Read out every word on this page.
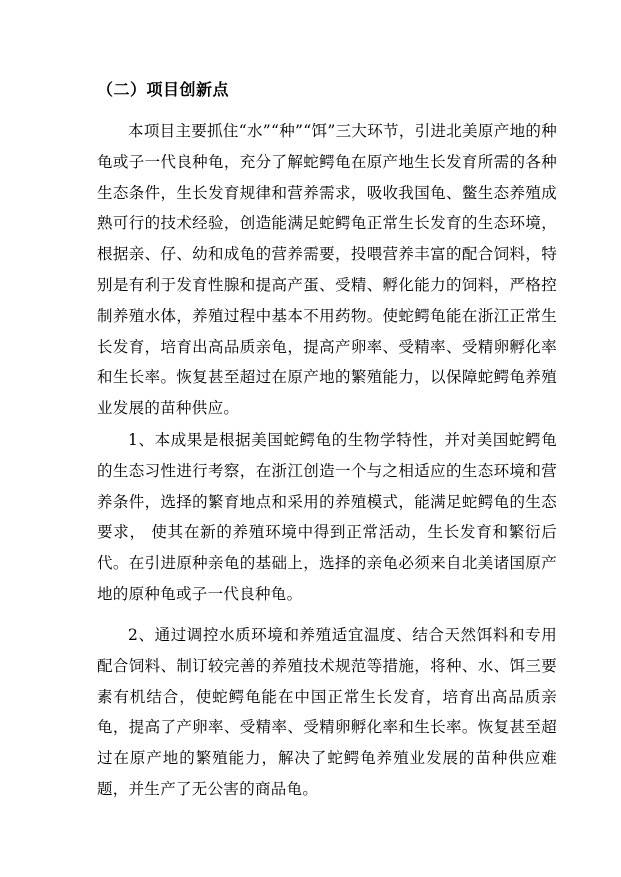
（二）项目创新点

本项目主要抓住“水”“种”“饵”三大环节，引进北美原产地的种龟或子一代良种龟，充分了解蛇鳄龟在原产地生长发育所需的各种生态条件，生长发育规律和营养需求，吸收我国龟、鳖生态养殖成熟可行的技术经验，创造能满足蛇鳄龟正常生长发育的生态环境，根据亲、仔、幼和成龟的营养需要，投喂营养丰富的配合饲料，特别是有利于发育性腺和提高产蛋、受精、孵化能力的饲料，严格控制养殖水体，养殖过程中基本不用药物。使蛇鳄龟能在浙江正常生长发育，培育出高品质亲龟，提高产卵率、受精率、受精卵孵化率和生长率。恢复甚至超过在原产地的繁殖能力，以保障蛇鳄龟养殖业发展的苗种供应。

1、本成果是根据美国蛇鳄龟的生物学特性，并对美国蛇鳄龟的生态习性进行考察，在浙江创造一个与之相适应的生态环境和营养条件，选择的繁育地点和采用的养殖模式，能满足蛇鳄龟的生态要求， 使其在新的养殖环境中得到正常活动，生长发育和繁衍后代。在引进原种亲龟的基础上，选择的亲龟必须来自北美诸国原产地的原种龟或子一代良种龟。

2、通过调控水质环境和养殖适宜温度、结合天然饵料和专用配合饲料、制订较完善的养殖技术规范等措施，将种、水、饵三要素有机结合，使蛇鳄龟能在中国正常生长发育，培育出高品质亲龟，提高了产卵率、受精率、受精卵孵化率和生长率。恢复甚至超过在原产地的繁殖能力，解决了蛇鳄龟养殖业发展的苗种供应难题，并生产了无公害的商品龟。
